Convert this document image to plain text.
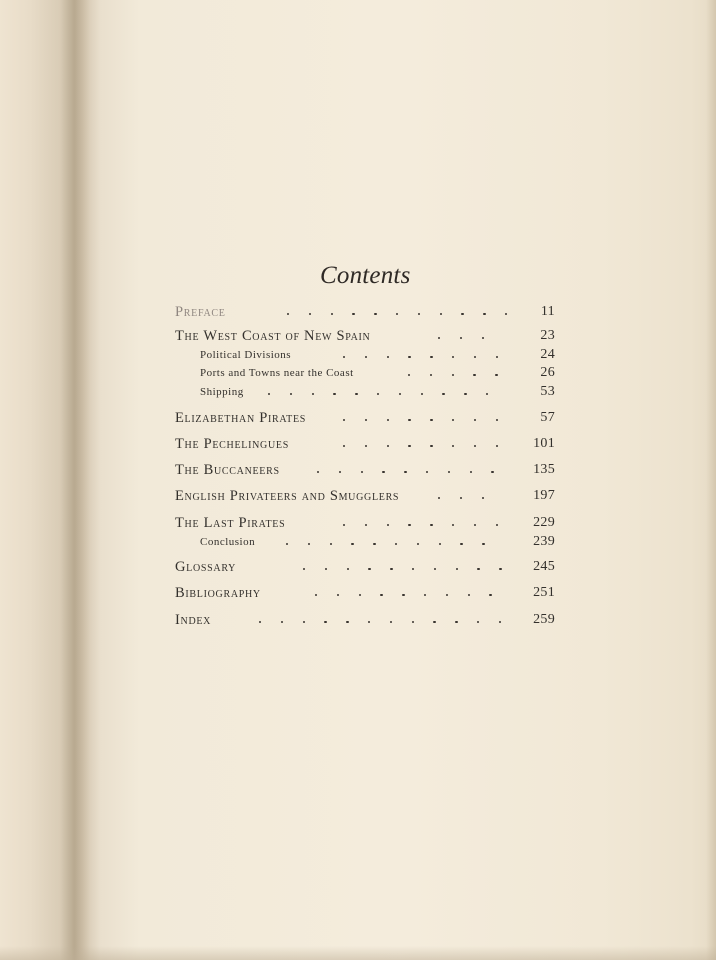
Contents
Preface	11
The West Coast of New Spain	23
Political Divisions	24
Ports and Towns near the Coast	26
Shipping	53
Elizabethan Pirates	57
The Pechelingues	101
The Buccaneers	135
English Privateers and Smugglers	197
The Last Pirates	229
Conclusion	239
Glossary	245
Bibliography	251
Index	259
